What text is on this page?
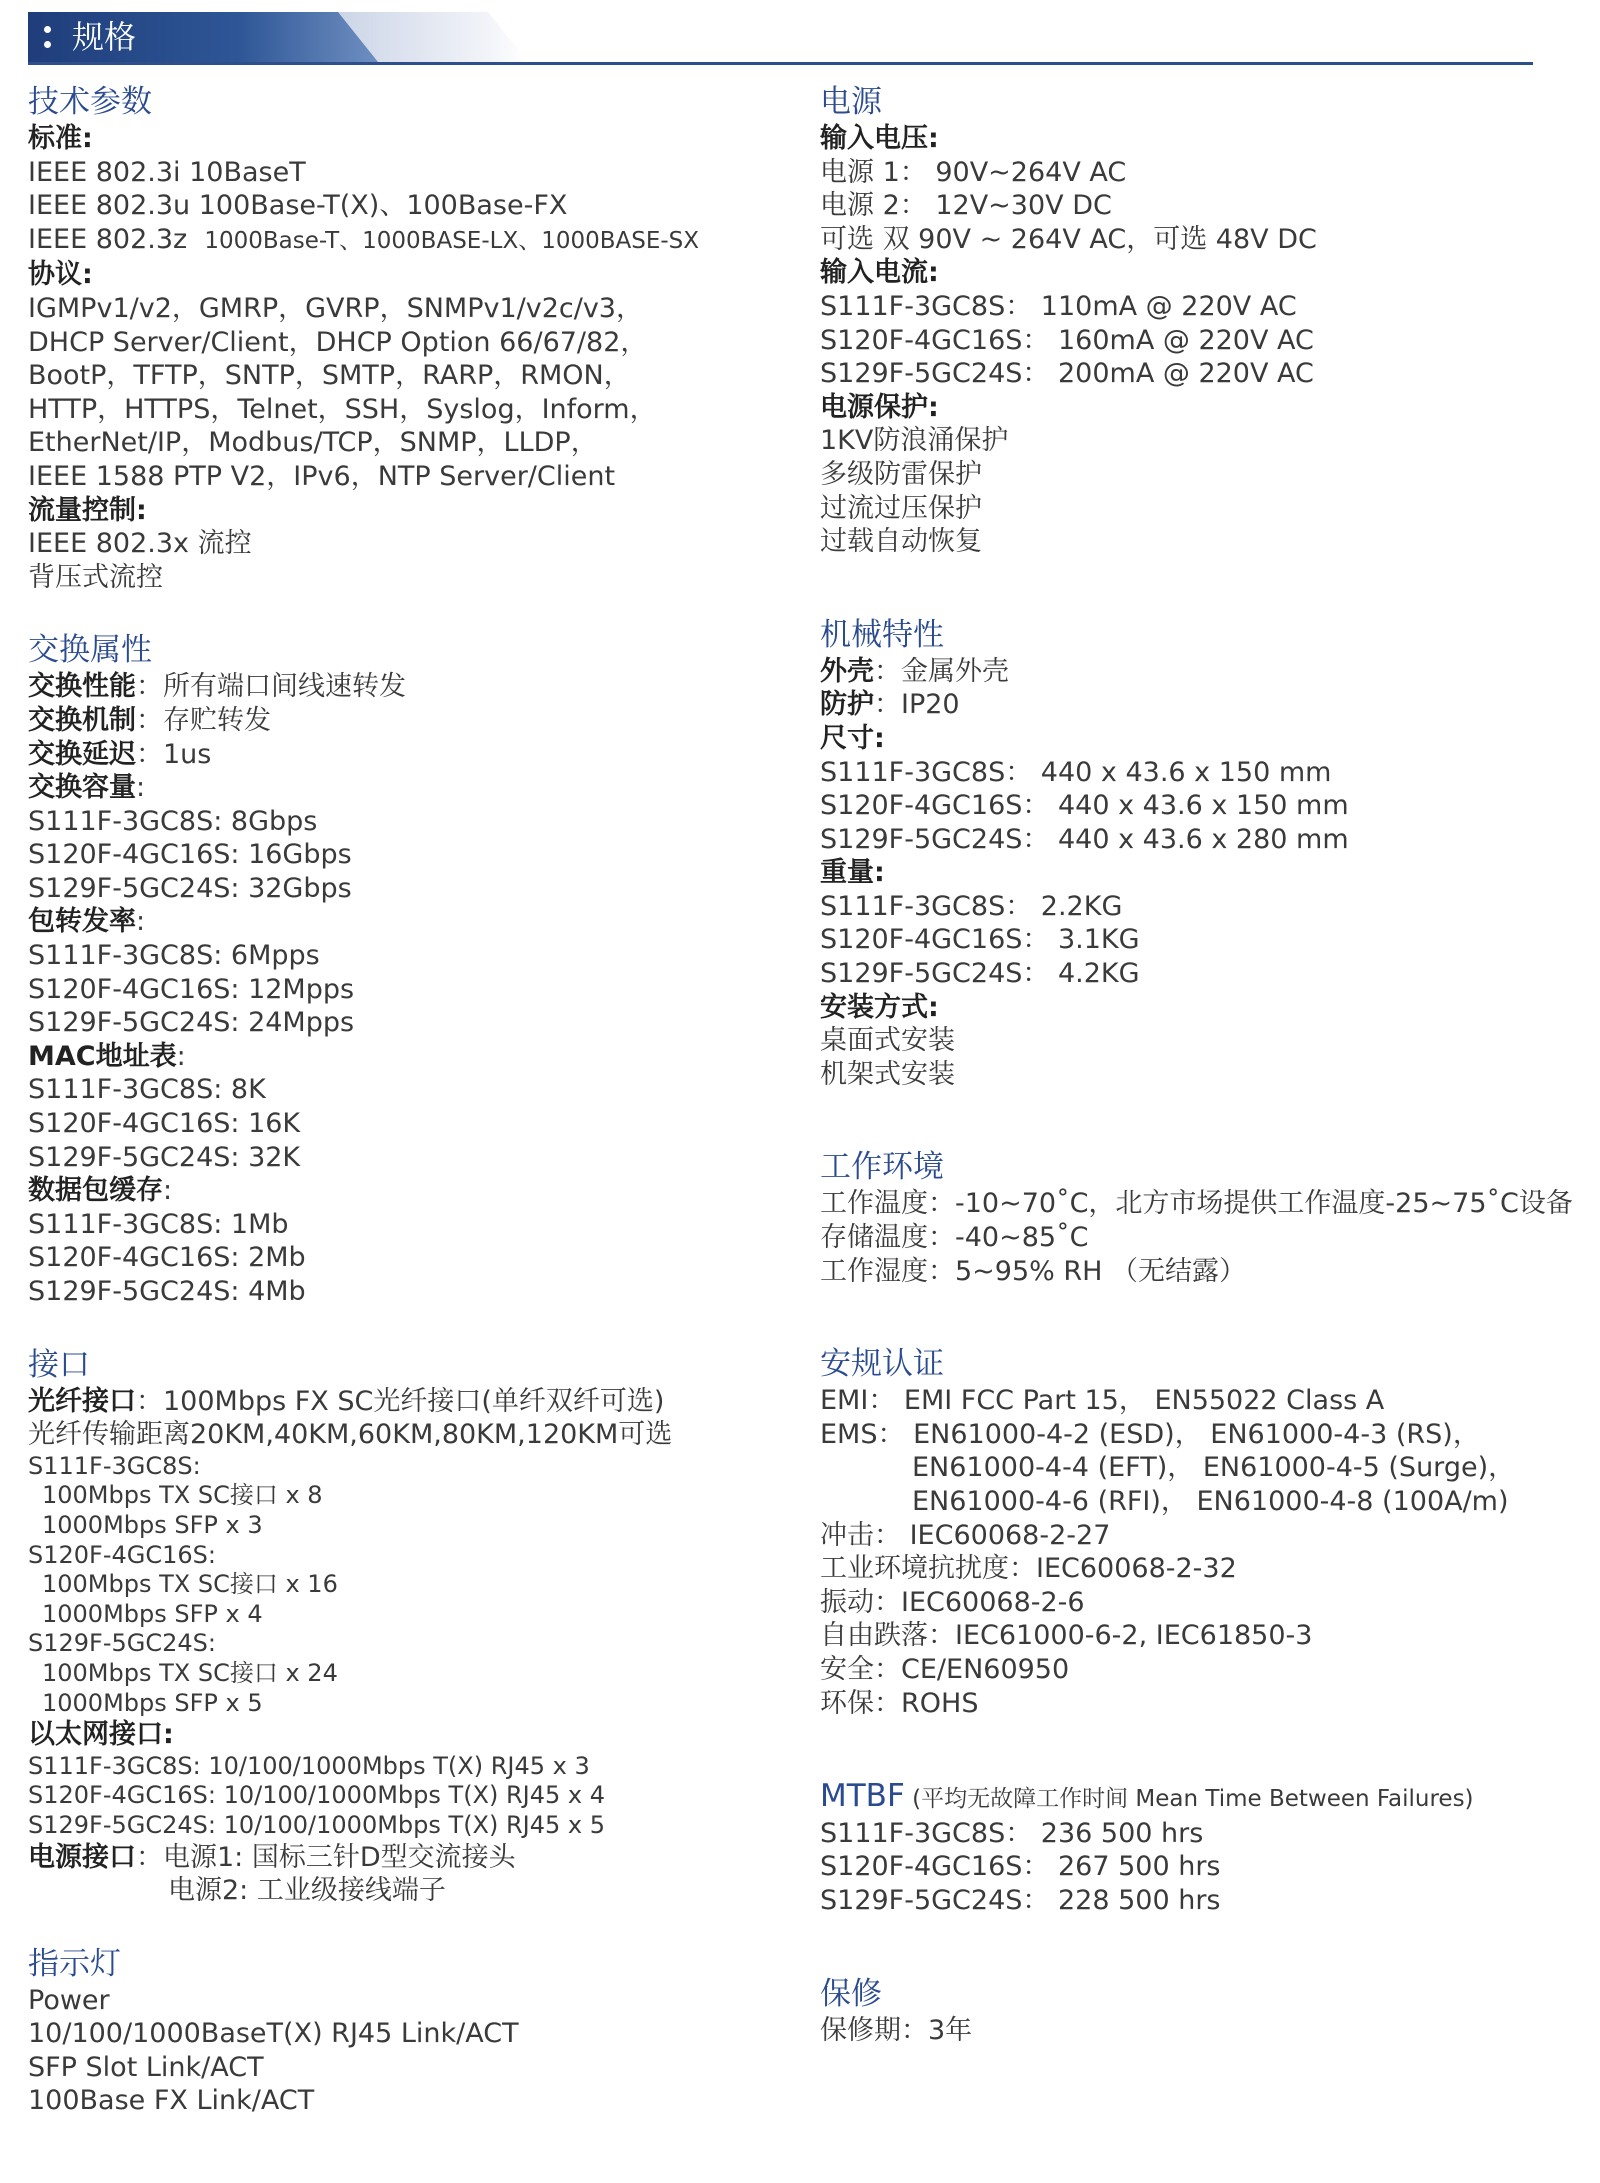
规格
技术参数
标准:
IEEE 802.3i 10BaseT
IEEE 802.3u 100Base-T(X)、100Base-FX
IEEE 802.3z 1000Base-T、1000BASE-LX、1000BASE-SX
协议:
IGMPv1/v2，GMRP，GVRP，SNMPv1/v2c/v3，
DHCP Server/Client，DHCP Option 66/67/82，
BootP，TFTP，SNTP，SMTP，RARP，RMON，
HTTP，HTTPS，Telnet，SSH，Syslog，Inform，
EtherNet/IP，Modbus/TCP，SNMP，LLDP，
IEEE 1588 PTP V2，IPv6，NTP Server/Client
流量控制:
IEEE 802.3x 流控
背压式流控
交换属性
交换性能：所有端口间线速转发
交换机制：存贮转发
交换延迟：1us
交换容量:
S111F-3GC8S: 8Gbps
S120F-4GC16S: 16Gbps
S129F-5GC24S: 32Gbps
包转发率:
S111F-3GC8S: 6Mpps
S120F-4GC16S: 12Mpps
S129F-5GC24S: 24Mpps
MAC地址表:
S111F-3GC8S: 8K
S120F-4GC16S: 16K
S129F-5GC24S: 32K
数据包缓存:
S111F-3GC8S: 1Mb
S120F-4GC16S: 2Mb
S129F-5GC24S: 4Mb
接口
光纤接口：100Mbps FX SC光纤接口(单纤双纤可选)
光纤传输距离20KM,40KM,60KM,80KM,120KM可选
S111F-3GC8S:
100Mbps TX SC接口 x 8
1000Mbps SFP x 3
S120F-4GC16S:
100Mbps TX SC接口 x 16
1000Mbps SFP x 4
S129F-5GC24S:
100Mbps TX SC接口 x 24
1000Mbps SFP x 5
以太网接口:
S111F-3GC8S: 10/100/1000Mbps T(X) RJ45 x 3
S120F-4GC16S: 10/100/1000Mbps T(X) RJ45 x 4
S129F-5GC24S: 10/100/1000Mbps T(X) RJ45 x 5
电源接口：电源1: 国标三针D型交流接头
电源2: 工业级接线端子
指示灯
Power
10/100/1000BaseT(X) RJ45 Link/ACT
SFP Slot Link/ACT
100Base FX Link/ACT
电源
输入电压:
电源 1： 90V~264V AC
电源 2： 12V~30V DC
可选 双 90V ~ 264V AC，可选 48V DC
输入电流:
S111F-3GC8S： 110mA @ 220V AC
S120F-4GC16S： 160mA @ 220V AC
S129F-5GC24S： 200mA @ 220V AC
电源保护:
1KV防浪涌保护
多级防雷保护
过流过压保护
过载自动恢复
机械特性
外壳：金属外壳
防护：IP20
尺寸:
S111F-3GC8S： 440 x 43.6 x 150 mm
S120F-4GC16S： 440 x 43.6 x 150 mm
S129F-5GC24S： 440 x 43.6 x 280 mm
重量:
S111F-3GC8S： 2.2KG
S120F-4GC16S： 3.1KG
S129F-5GC24S： 4.2KG
安装方式:
桌面式安装
机架式安装
工作环境
工作温度：-10~70˚C，北方市场提供工作温度-25~75˚C设备
存储温度：-40~85˚C
工作湿度：5~95% RH （无结露）
安规认证
EMI： EMI FCC Part 15， EN55022 Class A
EMS： EN61000-4-2 (ESD)， EN61000-4-3 (RS)，
EN61000-4-4 (EFT)， EN61000-4-5 (Surge)，
EN61000-4-6 (RFI)， EN61000-4-8 (100A/m)
冲击： IEC60068-2-27
工业环境抗扰度：IEC60068-2-32
振动：IEC60068-2-6
自由跌落：IEC61000-6-2, IEC61850-3
安全：CE/EN60950
环保：ROHS
MTBF (平均无故障工作时间 Mean Time Between Failures)
S111F-3GC8S： 236 500 hrs
S120F-4GC16S： 267 500 hrs
S129F-5GC24S： 228 500 hrs
保修
保修期：3年
